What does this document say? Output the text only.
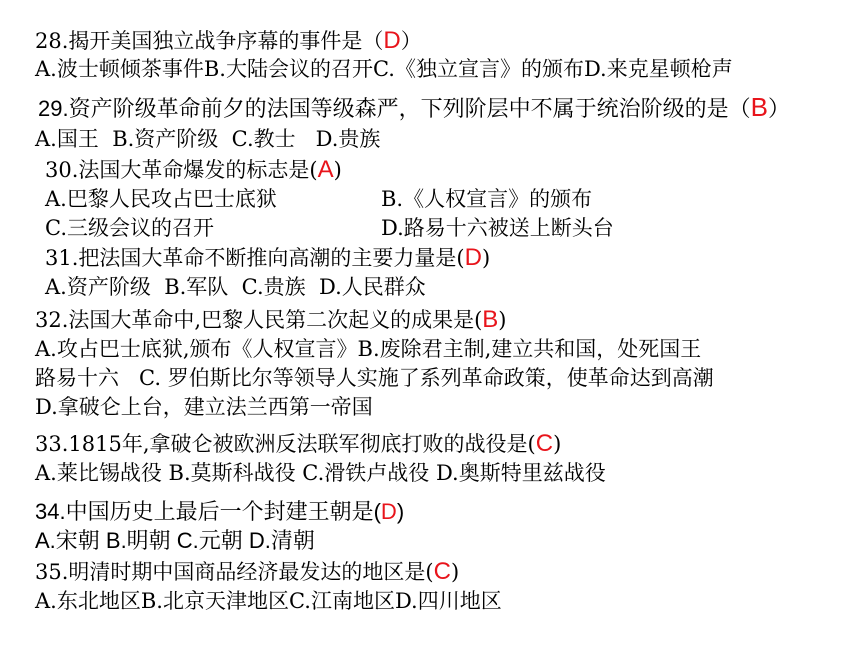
28.揭开美国独立战争序幕的事件是（D）
A.波士顿倾茶事件B.大陆会议的召开C.《独立宣言》的颁布D.来克星顿枪声
29.资产阶级革命前夕的法国等级森严，下列阶层中不属于统治阶级的是（B）
A.国王  B.资产阶级  C.教士   D.贵族
30.法国大革命爆发的标志是(A)
A.巴黎人民攻占巴士底狱	B.《人权宣言》的颁布
C.三级会议的召开	D.路易十六被送上断头台
31.把法国大革命不断推向高潮的主要力量是(D)
A.资产阶级  B.军队  C.贵族  D.人民群众
32.法国大革命中,巴黎人民第二次起义的成果是(B)
A.攻占巴士底狱,颁布《人权宣言》B.废除君主制,建立共和国，处死国王
路易十六   C. 罗伯斯比尔等领导人实施了系列革命政策，使革命达到高潮
D.拿破仑上台，建立法兰西第一帝国
33.1815年,拿破仑被欧洲反法联军彻底打败的战役是(C)
A.莱比锡战役 B.莫斯科战役 C.滑铁卢战役 D.奥斯特里兹战役
34.中国历史上最后一个封建王朝是(D)
A.宋朝 B.明朝 C.元朝 D.清朝
35.明清时期中国商品经济最发达的地区是(C)
A.东北地区B.北京天津地区C.江南地区D.四川地区
